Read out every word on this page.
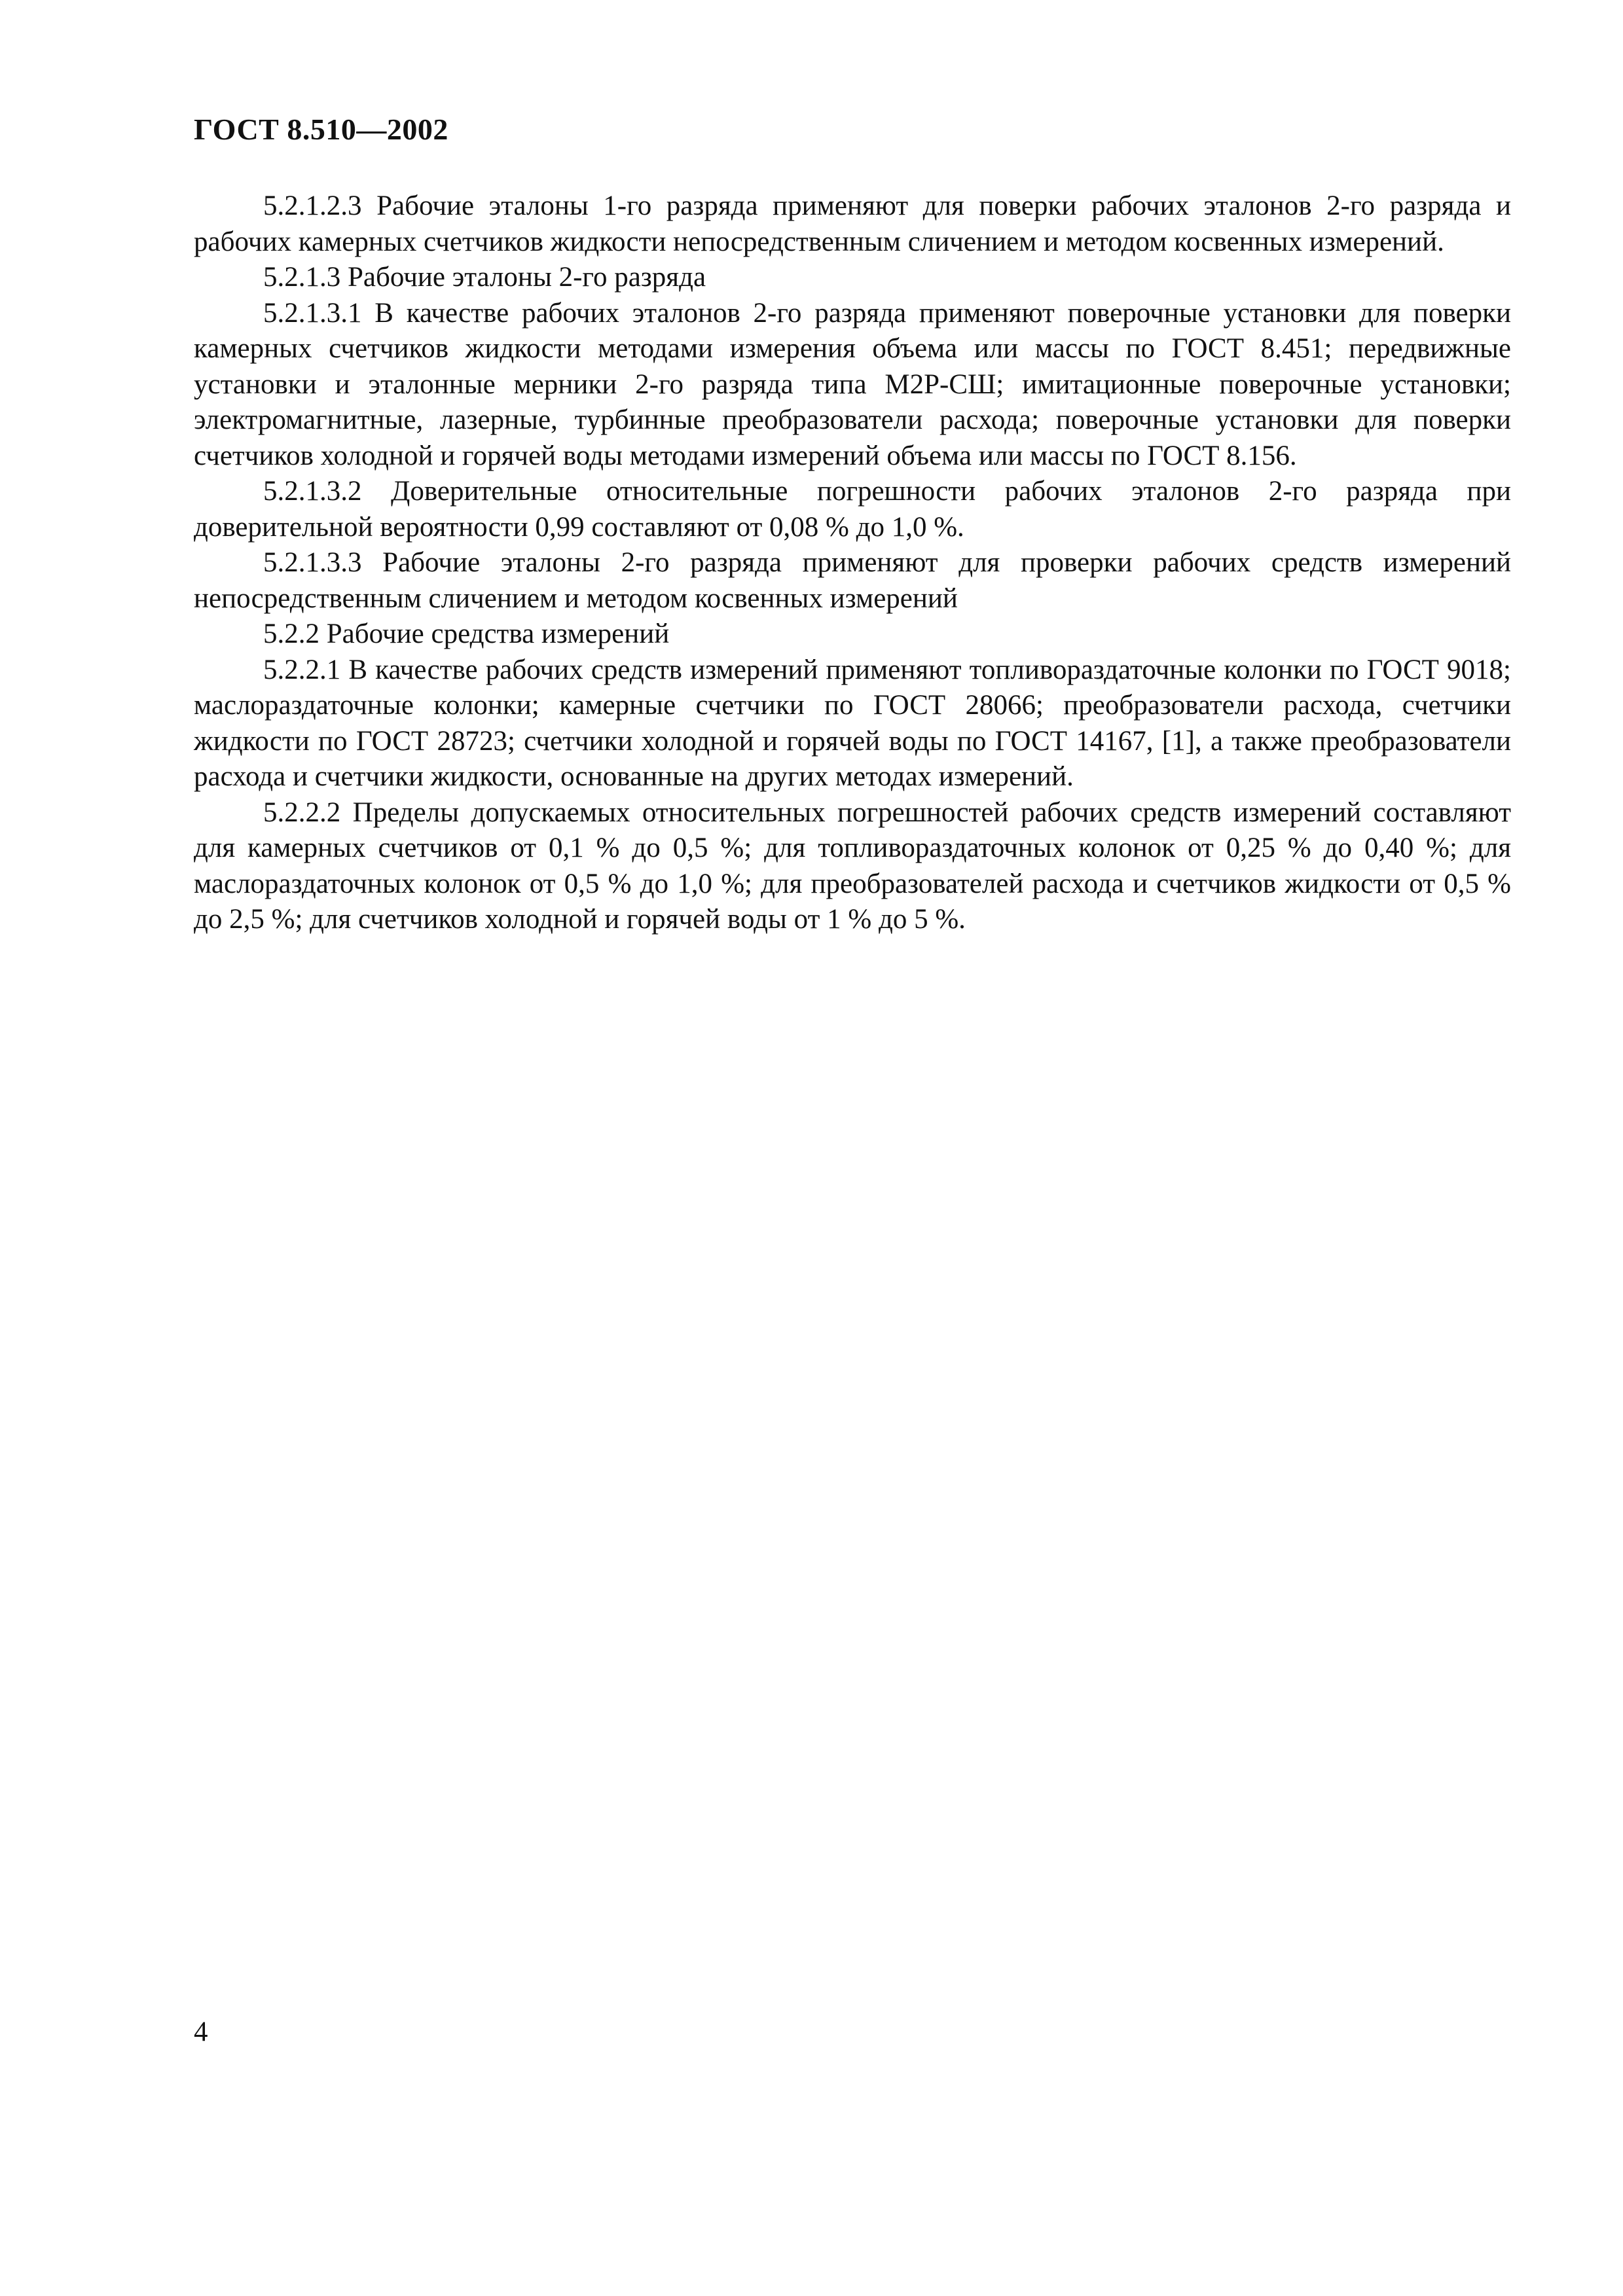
ГОСТ 8.510—2002

5.2.1.2.3 Рабочие эталоны 1-го разряда применяют для поверки рабочих эталонов 2-го разряда и рабочих камерных счетчиков жидкости непосредственным сличением и методом косвенных измерений.

5.2.1.3 Рабочие эталоны 2-го разряда

5.2.1.3.1 В качестве рабочих эталонов 2-го разряда применяют поверочные установки для поверки камерных счетчиков жидкости методами измерения объема или массы по ГОСТ 8.451; передвижные установки и эталонные мерники 2-го разряда типа М2Р-СШ; имитационные поверочные установки; электромагнитные, лазерные, турбинные преобразователи расхода; поверочные установки для поверки счетчиков холодной и горячей воды методами измерений объема или массы по ГОСТ 8.156.

5.2.1.3.2 Доверительные относительные погрешности рабочих эталонов 2-го разряда при доверительной вероятности 0,99 составляют от 0,08 % до 1,0 %.

5.2.1.3.3 Рабочие эталоны 2-го разряда применяют для проверки рабочих средств измерений непосредственным сличением и методом косвенных измерений

5.2.2 Рабочие средства измерений

5.2.2.1 В качестве рабочих средств измерений применяют топливораздаточные колонки по ГОСТ 9018; маслораздаточные колонки; камерные счетчики по ГОСТ 28066; преобразователи расхода, счетчики жидкости по ГОСТ 28723; счетчики холодной и горячей воды по ГОСТ 14167, [1], а также преобразователи расхода и счетчики жидкости, основанные на других методах измерений.

5.2.2.2 Пределы допускаемых относительных погрешностей рабочих средств измерений составляют для камерных счетчиков от 0,1 % до 0,5 %; для топливораздаточных колонок от 0,25 % до 0,40 %; для маслораздаточных колонок от 0,5 % до 1,0 %; для преобразователей расхода и счетчиков жидкости от 0,5 % до 2,5 %; для счетчиков холодной и горячей воды от 1 % до 5 %.

4
